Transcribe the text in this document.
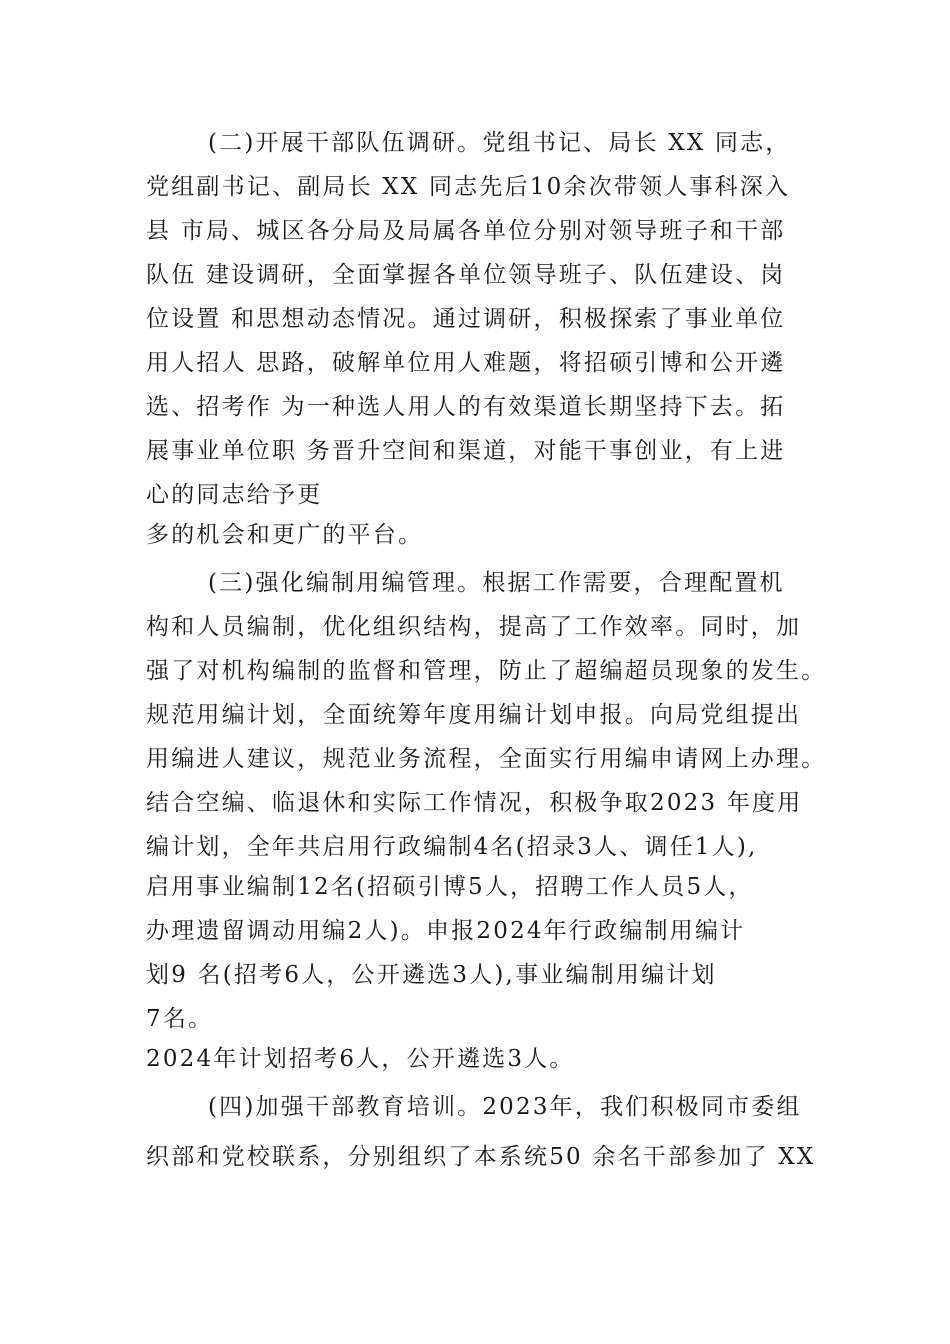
(二)开展干部队伍调研。党组书记、局长 XX 同志，
党组副书记、副局长 XX 同志先后10余次带领人事科深入
县 市局、城区各分局及局属各单位分别对领导班子和干部
队伍 建设调研，全面掌握各单位领导班子、队伍建设、岗
位设置 和思想动态情况。通过调研，积极探索了事业单位
用人招人 思路，破解单位用人难题，将招硕引博和公开遴
选、招考作 为一种选人用人的有效渠道长期坚持下去。拓
展事业单位职 务晋升空间和渠道，对能干事创业，有上进
心的同志给予更
多的机会和更广的平台。
(三)强化编制用编管理。根据工作需要，合理配置机
构和人员编制，优化组织结构，提高了工作效率。同时，加
强了对机构编制的监督和管理，防止了超编超员现象的发生。
规范用编计划，全面统筹年度用编计划申报。向局党组提出
用编进人建议，规范业务流程，全面实行用编申请网上办理。
结合空编、临退休和实际工作情况，积极争取2023 年度用
编计划，全年共启用行政编制4名(招录3人、调任1人),
启用事业编制12名(招硕引博5人，招聘工作人员5人，
办理遗留调动用编2人)。申报2024年行政编制用编计
划9 名(招考6人，公开遴选3人),事业编制用编计划
7名。
2024年计划招考6人，公开遴选3人。
(四)加强干部教育培训。2023年，我们积极同市委组
织部和党校联系，分别组织了本系统50 余名干部参加了 XX
